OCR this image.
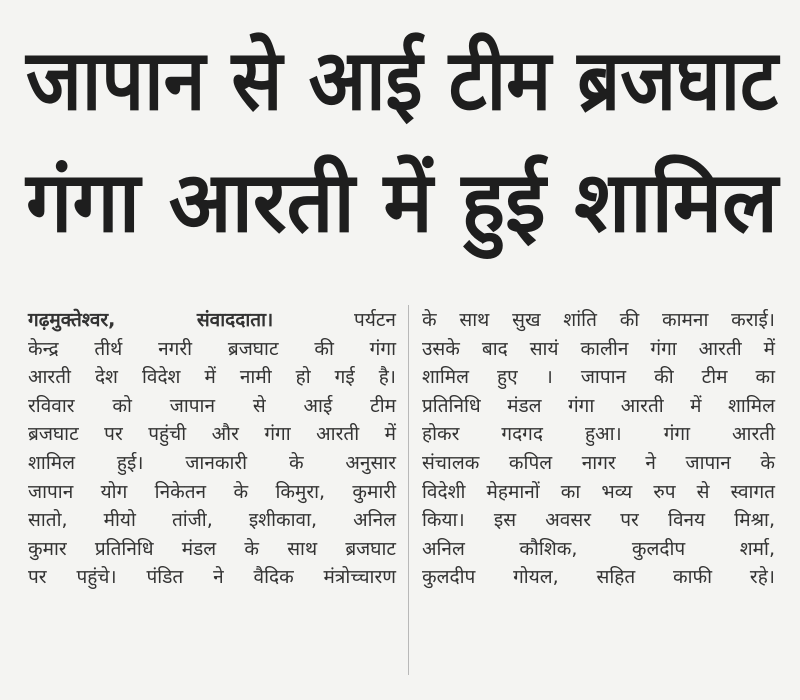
जापान से आई टीम ब्रजघाट
गंगा आरती में हुई शामिल
गढ़मुक्तेश्वर, संवाददाता। पर्यटन
केन्द्र तीर्थ नगरी ब्रजघाट की गंगा
आरती देश विदेश में नामी हो गई है।
रविवार को जापान से आई टीम
ब्रजघाट पर पहुंची और गंगा आरती में
शामिल हुई। जानकारी के अनुसार
जापान योग निकेतन के किमुरा, कुमारी
सातो, मीयो तांजी, इशीकावा, अनिल
कुमार प्रतिनिधि मंडल के साथ ब्रजघाट
पर पहुंचे। पंडित ने वैदिक मंत्रोच्चारण
के साथ सुख शांति की कामना कराई।
उसके बाद सायं कालीन गंगा आरती में
शामिल हुए । जापान की टीम का
प्रतिनिधि मंडल गंगा आरती में शामिल
होकर गदगद हुआ। गंगा आरती
संचालक कपिल नागर ने जापान के
विदेशी मेहमानों का भव्य रुप से स्वागत
किया। इस अवसर पर विनय मिश्रा,
अनिल कौशिक, कुलदीप शर्मा,
कुलदीप गोयल, सहित काफी रहे।
